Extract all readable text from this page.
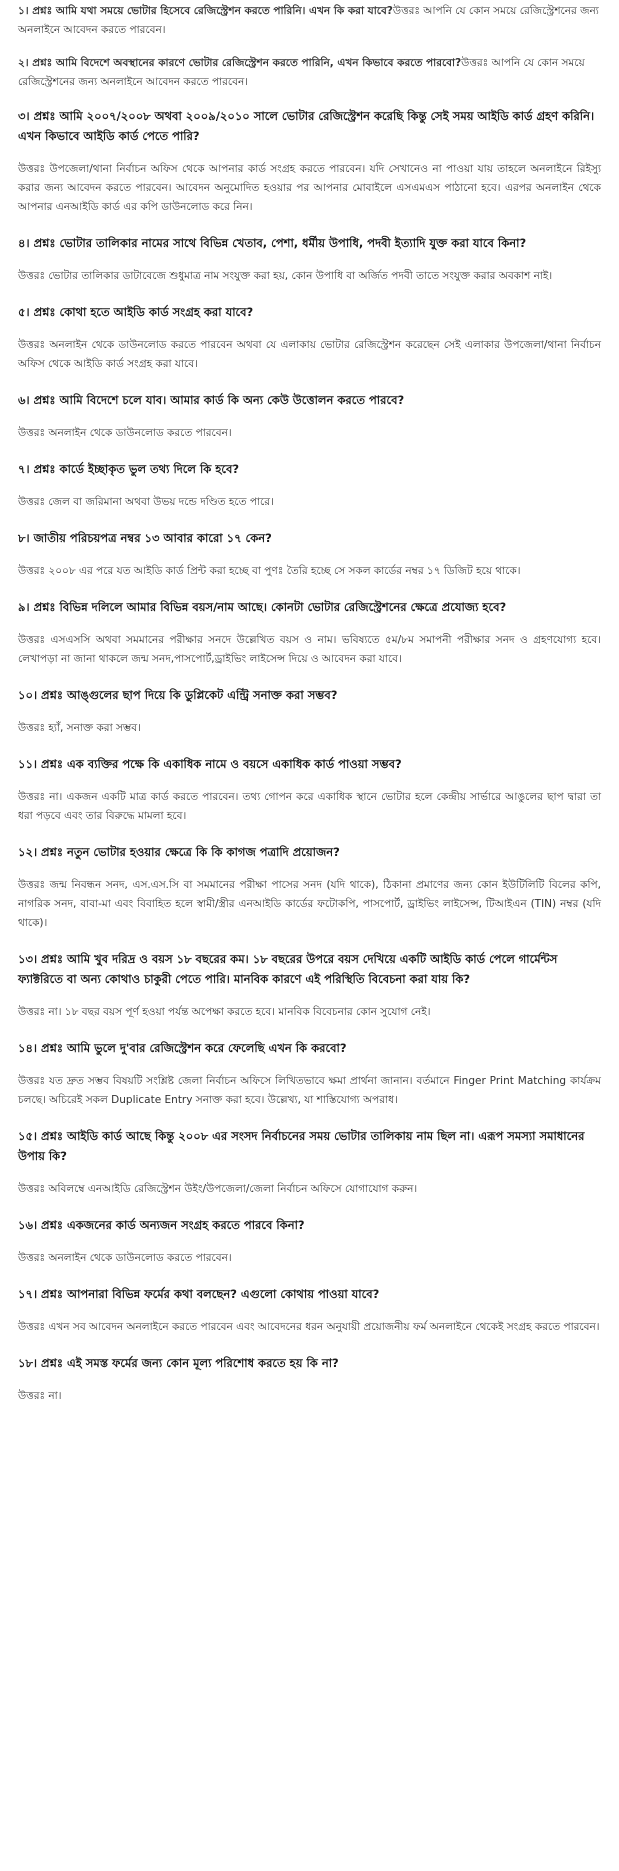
১। প্রশ্নঃ আমি যথা সময়ে ভোটার হিসেবে রেজিস্ট্রেশন করতে পারিনি। এখন কি করা যাবে?উত্তরঃ আপনি যে কোন সময়ে রেজিস্ট্রেশনের জন্য অনলাইনে আবেদন করতে পারবেন।

২। প্রশ্নঃ আমি বিদেশে অবস্থানের কারণে ভোটার রেজিস্ট্রেশন করতে পারিনি, এখন কিভাবে করতে পারবো?উত্তরঃ আপনি যে কোন সময়ে রেজিস্ট্রেশনের জন্য অনলাইনে আবেদন করতে পারবেন।

৩। প্রশ্নঃ আমি ২০০৭/২০০৮ অথবা ২০০৯/২০১০ সালে ভোটার রেজিস্ট্রেশন করেছি কিন্তু সেই সময় আইডি কার্ড গ্রহণ করিনি। এখন কিভাবে আইডি কার্ড পেতে পারি?

উত্তরঃ উপজেলা/থানা নির্বাচন অফিস থেকে আপনার কার্ড সংগ্রহ করতে পারবেন। যদি সেখানেও না পাওয়া যায় তাহলে অনলাইনে রিইস্যু করার জন্য আবেদন করতে পারবেন। আবেদন অনুমোদিত হওয়ার পর আপনার মোবাইলে এসএমএস পাঠানো হবে। এরপর অনলাইন থেকে আপনার এনআইডি কার্ড এর কপি ডাউনলোড করে নিন।

৪। প্রশ্নঃ ভোটার তালিকার নামের সাথে বিভিন্ন খেতাব, পেশা, ধর্মীয় উপাধি, পদবী ইত্যাদি যুক্ত করা যাবে কিনা?

উত্তরঃ ভোটার তালিকার ডাটাবেজে শুধুমাত্র নাম সংযুক্ত করা হয়, কোন উপাধি বা অর্জিত পদবী তাতে সংযুক্ত করার অবকাশ নাই।

৫। প্রশ্নঃ কোথা হতে আইডি কার্ড সংগ্রহ করা যাবে?

উত্তরঃ অনলাইন থেকে ডাউনলোড করতে পারবেন অথবা যে এলাকায় ভোটার রেজিস্ট্রেশন করেছেন সেই এলাকার উপজেলা/থানা নির্বাচন অফিস থেকে আইডি কার্ড সংগ্রহ করা যাবে।

৬। প্রশ্নঃ আমি বিদেশে চলে যাব। আমার কার্ড কি অন্য কেউ উত্তোলন করতে পারবে?

উত্তরঃ অনলাইন থেকে ডাউনলোড করতে পারবেন।

৭। প্রশ্নঃ কার্ডে ইচ্ছাকৃত ভুল তথ্য দিলে কি হবে?

উত্তরঃ জেল বা জরিমানা অথবা উভয় দন্ডে দণ্ডিত হতে পারে।

৮। জাতীয় পরিচয়পত্র নম্বর ১৩ আবার কারো ১৭ কেন?

উত্তরঃ ২০০৮ এর পরে যত আইডি কার্ড প্রিন্ট করা হচ্ছে বা পুণঃ তৈরি হচ্ছে সে সকল কার্ডের নম্বর ১৭ ডিজিট হয়ে থাকে।

৯। প্রশ্নঃ বিভিন্ন দলিলে আমার বিভিন্ন বয়স/নাম আছে। কোনটা ভোটার রেজিস্ট্রেশনের ক্ষেত্রে প্রযোজ্য হবে?

উত্তরঃ এসএসসি অথবা সমমানের পরীক্ষার সনদে উল্লেখিত বয়স ও নাম। ভবিষ্যতে ৫ম/৮ম সমাপনী পরীক্ষার সনদ ও গ্রহণযোগ্য হবে। লেখাপড়া না জানা থাকলে জন্ম সনদ,পাসপোর্ট,ড্রাইভিং লাইসেন্স দিয়ে ও আবেদন করা যাবে।

১০। প্রশ্নঃ আঙ্গুলের ছাপ দিয়ে কি ডুপ্লিকেট এন্ট্রি সনাক্ত করা সম্ভব?

উত্তরঃ হ্যাঁ, সনাক্ত করা সম্ভব।

১১। প্রশ্নঃ এক ব্যক্তির পক্ষে কি একাধিক নামে ও বয়সে একাধিক কার্ড পাওয়া সম্ভব?

উত্তরঃ না। একজন একটি মাত্র কার্ড করতে পারবেন। তথ্য গোপন করে একাধিক স্থানে ভোটার হলে কেন্দ্রীয় সার্ভারে আঙুলের ছাপ দ্বারা তা ধরা পড়বে এবং তার বিরুদ্ধে মামলা হবে।

১২। প্রশ্নঃ নতুন ভোটার হওয়ার ক্ষেত্রে কি কি কাগজ পত্রাদি প্রয়োজন?

উত্তরঃ জন্ম নিবন্ধন সনদ, এস.এস.সি বা সমমানের পরীক্ষা পাসের সনদ (যদি থাকে), ঠিকানা প্রমাণের জন্য কোন ইউটিলিটি বিলের কপি, নাগরিক সনদ, বাবা-মা এবং বিবাহিত হলে স্বামী/স্ত্রীর এনআইডি কার্ডের ফটোকপি, পাসপোর্ট, ড্রাইভিং লাইসেন্স, টিআইএন (TIN) নম্বর (যদি থাকে)।

১৩। প্রশ্নঃ আমি খুব দরিদ্র ও বয়স ১৮ বছরের কম। ১৮ বছরের উপরে বয়স দেখিয়ে একটি আইডি কার্ড পেলে গার্মেন্টস ফ্যাক্টরিতে বা অন্য কোথাও চাকুরী পেতে পারি। মানবিক কারণে এই পরিস্থিতি বিবেচনা করা যায় কি?

উত্তরঃ না। ১৮ বছর বয়স পূর্ণ হওয়া পর্যন্ত অপেক্ষা করতে হবে। মানবিক বিবেচনার কোন সুযোগ নেই।

১৪। প্রশ্নঃ আমি ভুলে দু'বার রেজিস্ট্রেশন করে ফেলেছি এখন কি করবো?

উত্তরঃ যত দ্রুত সম্ভব বিষয়টি সংশ্লিষ্ট জেলা নির্বাচন অফিসে লিখিতভাবে ক্ষমা প্রার্থনা জানান। বর্তমানে Finger Print Matching কার্যক্রম চলছে। অচিরেই সকল Duplicate Entry সনাক্ত করা হবে। উল্লেখ্য, যা শাস্তিযোগ্য অপরাধ।

১৫। প্রশ্নঃ আইডি কার্ড আছে কিন্তু ২০০৮ এর সংসদ নির্বাচনের সময় ভোটার তালিকায় নাম ছিল না। এরূপ সমস্যা সমাধানের উপায় কি?

উত্তরঃ অবিলম্বে এনআইডি রেজিস্ট্রেশন উইং/উপজেলা/জেলা নির্বাচন অফিসে যোগাযোগ করুন।

১৬। প্রশ্নঃ একজনের কার্ড অন্যজন সংগ্রহ করতে পারবে কিনা?

উত্তরঃ অনলাইন থেকে ডাউনলোড করতে পারবেন।

১৭। প্রশ্নঃ আপনারা বিভিন্ন ফর্মের কথা বলছেন? এগুলো কোথায় পাওয়া যাবে?

উত্তরঃ এখন সব আবেদন অনলাইনে করতে পারবেন এবং আবেদনের ধরন অনুযায়ী প্রয়োজনীয় ফর্ম অনলাইনে থেকেই সংগ্রহ করতে পারবেন।

১৮। প্রশ্নঃ এই সমস্ত ফর্মের জন্য কোন মূল্য পরিশোধ করতে হয় কি না?

উত্তরঃ না।
